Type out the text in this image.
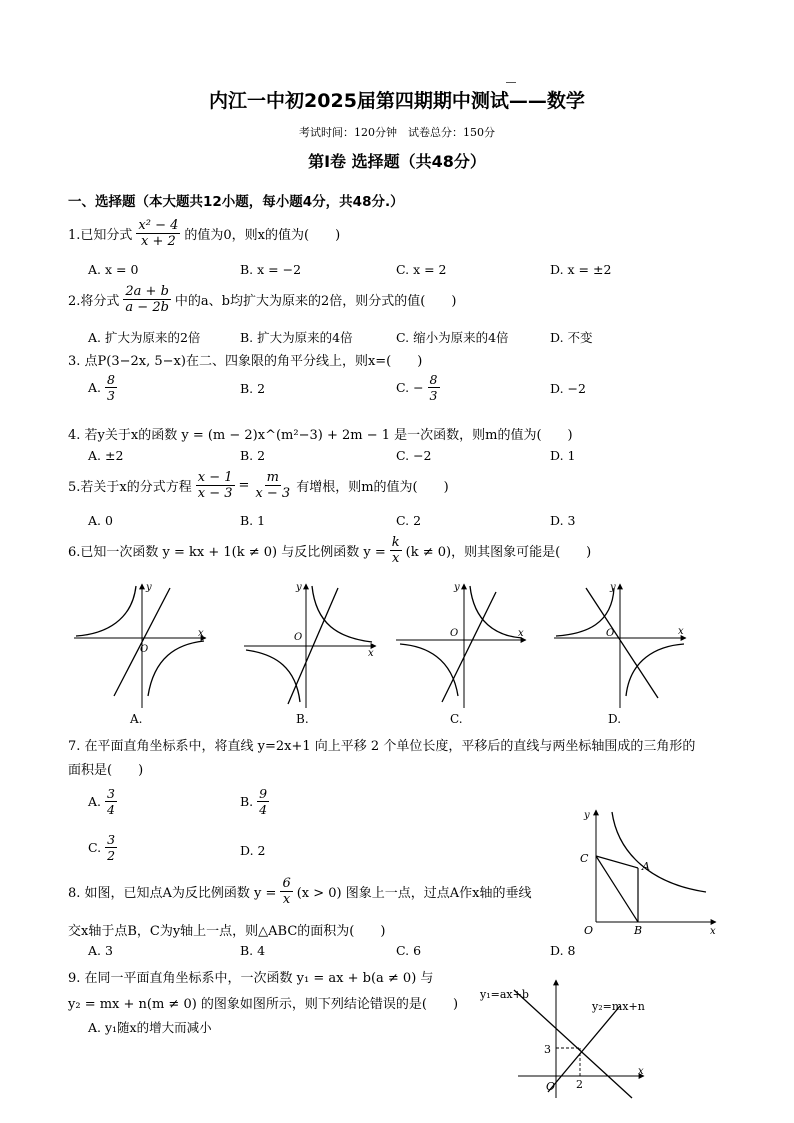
内江一中初2025届第四期期中测试——数学
考试时间：120分钟　试卷总分：150分
第Ⅰ卷 选择题（共48分）
一、选择题（本大题共12小题，每小题4分，共48分.）
1.已知分式 $\frac{\text{x² − 4}}{x + 2}$ 的值为0，则x的值为(　　)
A. x = 0	B. x = −2	C. x = 2	D. x = ±2
2.将分式 $\frac{2a + b}{a - 2b}$ 中的a、b均扩大为原来的2倍，则分式的值(　　)
A. 扩大为原来的2倍	B. 扩大为原来的4倍	C. 缩小为原来的4倍	D. 不变
3. 点P(3−2x, 5−x)在二、四象限的角平分线上，则x=(　　)
A. $\frac{8}{3}$	B. 2	C. − $\frac{8}{3}$	D. −2
4. 若y关于x的函数 y = (m − 2)x^(m²−3) + 2m − 1 是一次函数，则m的值为(　　)
A. ±2	B. 2	C. −2	D. 1
5.若关于x的分式方程 $\frac{x - 1}{x - 3} = \frac{m}{x - 3}$ 有增根，则m的值为(　　)
A. 0	B. 1	C. 2	D. 3
6.已知一次函数 y = kx + 1(k ≠ 0) 与反比例函数 $y = \frac{k}{x} (k \ne 0)$，则其图象可能是(　　)
y
x
O
A.
y
x
O
B.
y
x
O
C.
y
x
O
D.
7. 在平面直角坐标系中，将直线 y=2x+1 向上平移 2 个单位长度，平移后的直线与两坐标轴围成的三角形的
面积是(　　)
A. $\frac{3}{4}$	B. $\frac{9}{4}$
C. $\frac{3}{2}$	D. 2
y
x
O
A
B
C
8. 如图，已知点A为反比例函数 $y = \frac{6}{x} (x > 0)$ 图象上一点，过点A作x轴的垂线
交x轴于点B，C为y轴上一点，则△ABC的面积为(　　)
A. 3	B. 4	C. 6	D. 8
9. 在同一平面直角坐标系中，一次函数 y₁ = ax + b(a ≠ 0) 与
y₂ = mx + n(m ≠ 0) 的图象如图所示，则下列结论错误的是(　　)
A. y₁随x的增大而减小
y₁=ax+b
y₂=mx+n
3
2
O
x
